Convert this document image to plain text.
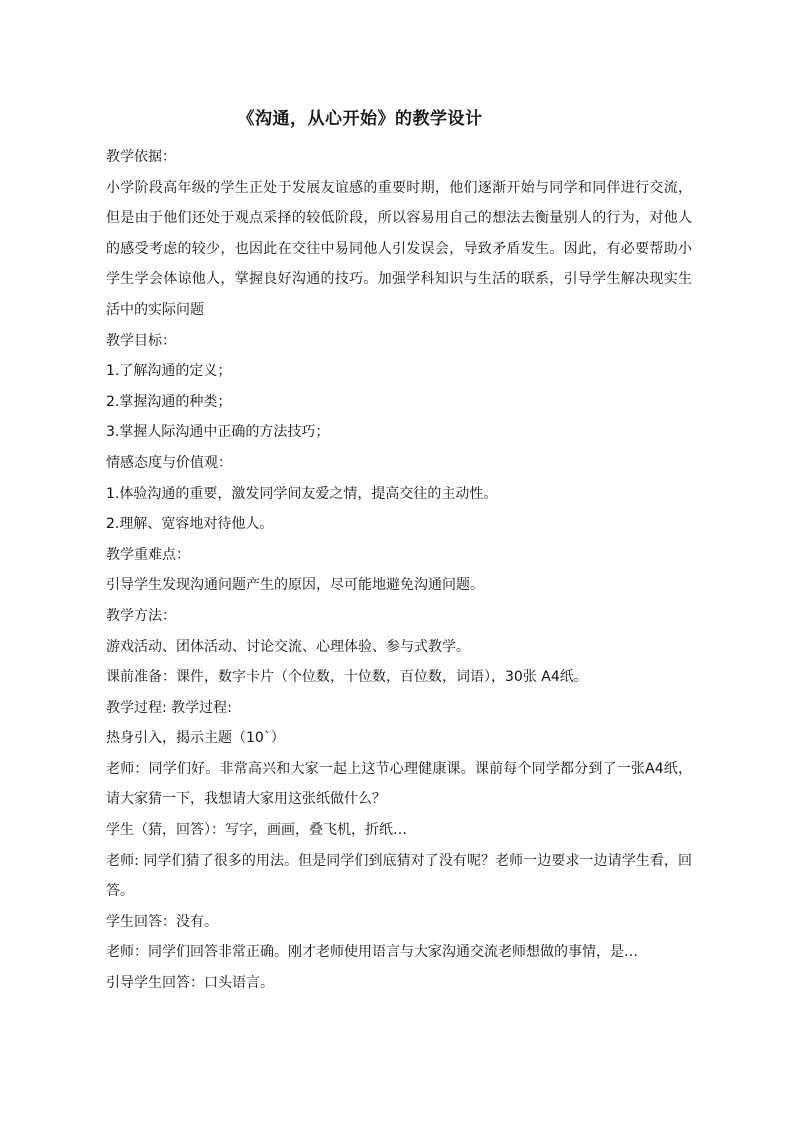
《沟通，从心开始》的教学设计
教学依据：
小学阶段高年级的学生正处于发展友谊感的重要时期，他们逐渐开始与同学和同伴进行交流，但是由于他们还处于观点采择的较低阶段，所以容易用自己的想法去衡量别人的行为，对他人的感受考虑的较少，也因此在交往中易同他人引发误会，导致矛盾发生。因此，有必要帮助小学生学会体谅他人，掌握良好沟通的技巧。加强学科知识与生活的联系，引导学生解决现实生活中的实际问题
教学目标：
1.了解沟通的定义；
2.掌握沟通的种类；
3.掌握人际沟通中正确的方法技巧；
情感态度与价值观：
1.体验沟通的重要，激发同学间友爱之情，提高交往的主动性。
2.理解、宽容地对待他人。
教学重难点：
引导学生发现沟通问题产生的原因，尽可能地避免沟通问题。
教学方法：
游戏活动、团体活动、讨论交流、心理体验、参与式教学。
课前准备：课件，数字卡片（个位数，十位数，百位数，词语），30张 A4纸。
教学过程: 教学过程:
热身引入，揭示主题（10`）
老师：同学们好。非常高兴和大家一起上这节心理健康课。课前每个同学都分到了一张A4纸，请大家猜一下，我想请大家用这张纸做什么？
学生（猜，回答）：写字，画画，叠飞机，折纸…
老师: 同学们猜了很多的用法。但是同学们到底猜对了没有呢？老师一边要求一边请学生看，回答。
学生回答：没有。
老师：同学们回答非常正确。刚才老师使用语言与大家沟通交流老师想做的事情，是…
引导学生回答：口头语言。
